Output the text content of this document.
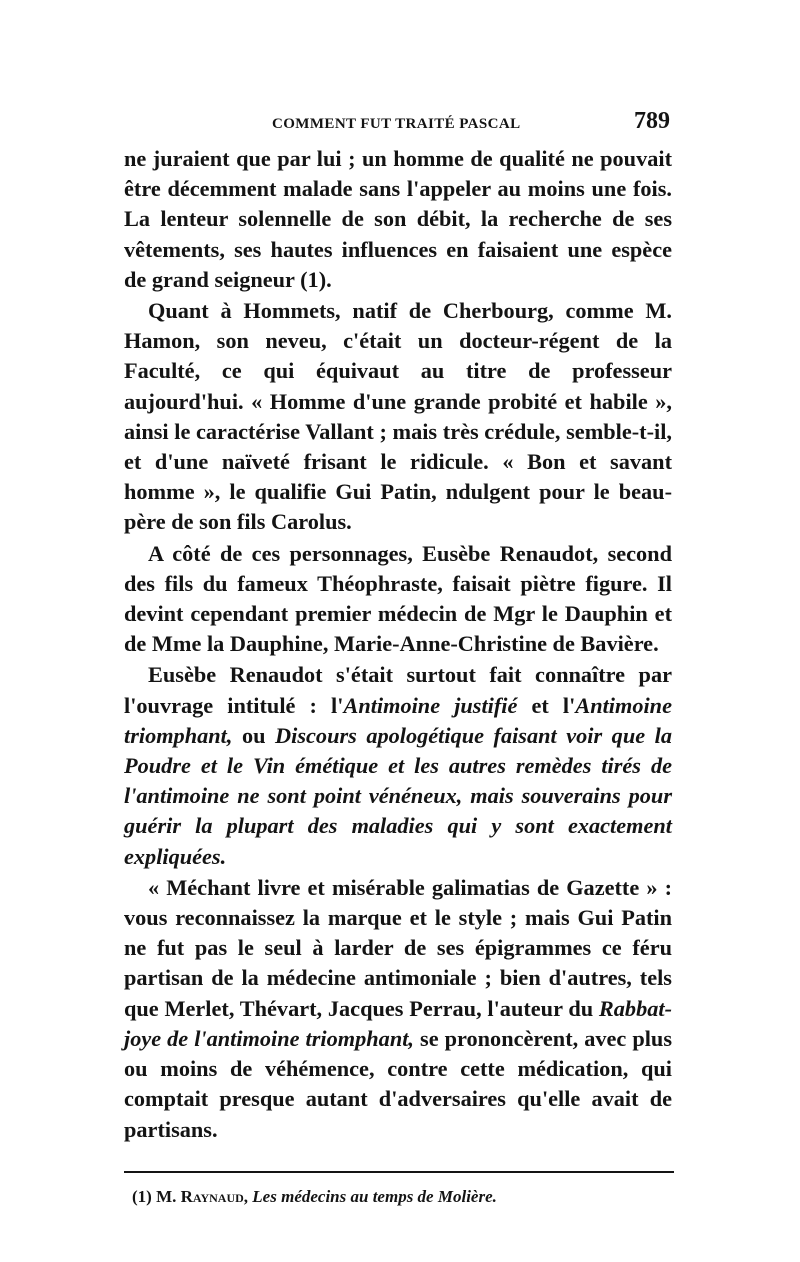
COMMENT FUT TRAITÉ PASCAL	789

ne juraient que par lui ; un homme de qualité ne pouvait être décemment malade sans l'appeler au moins une fois. La lenteur solennelle de son débit, la recherche de ses vêtements, ses hautes influences en faisaient une espèce de grand seigneur (1).

Quant à Hommets, natif de Cherbourg, comme M. Hamon, son neveu, c'était un docteur-régent de la Faculté, ce qui équivaut au titre de professeur aujourd'hui. « Homme d'une grande probité et habile », ainsi le caractérise Vallant ; mais très crédule, semble-t-il, et d'une naïveté frisant le ridicule. « Bon et savant homme », le qualifie Gui Patin, ndulgent pour le beau-père de son fils Carolus.

A côté de ces personnages, Eusèbe Renaudot, second des fils du fameux Théophraste, faisait piètre figure. Il devint cependant premier médecin de Mgr le Dauphin et de Mme la Dauphine, Marie-Anne-Christine de Bavière.

Eusèbe Renaudot s'était surtout fait connaître par l'ouvrage intitulé : l'Antimoine justifié et l'Antimoine triomphant, ou Discours apologétique faisant voir que la Poudre et le Vin émétique et les autres remèdes tirés de l'antimoine ne sont point vénéneux, mais souverains pour guérir la plupart des maladies qui y sont exactement expliquées.

« Méchant livre et misérable galimatias de Gazette » : vous reconnaissez la marque et le style ; mais Gui Patin ne fut pas le seul à larder de ses épigrammes ce féru partisan de la médecine antimoniale ; bien d'autres, tels que Merlet, Thévart, Jacques Perrau, l'auteur du Rabbat-joye de l'antimoine triomphant, se prononcèrent, avec plus ou moins de véhémence, contre cette médication, qui comptait presque autant d'adversaires qu'elle avait de partisans.

(1) M. Raynaud, Les médecins au temps de Molière.
